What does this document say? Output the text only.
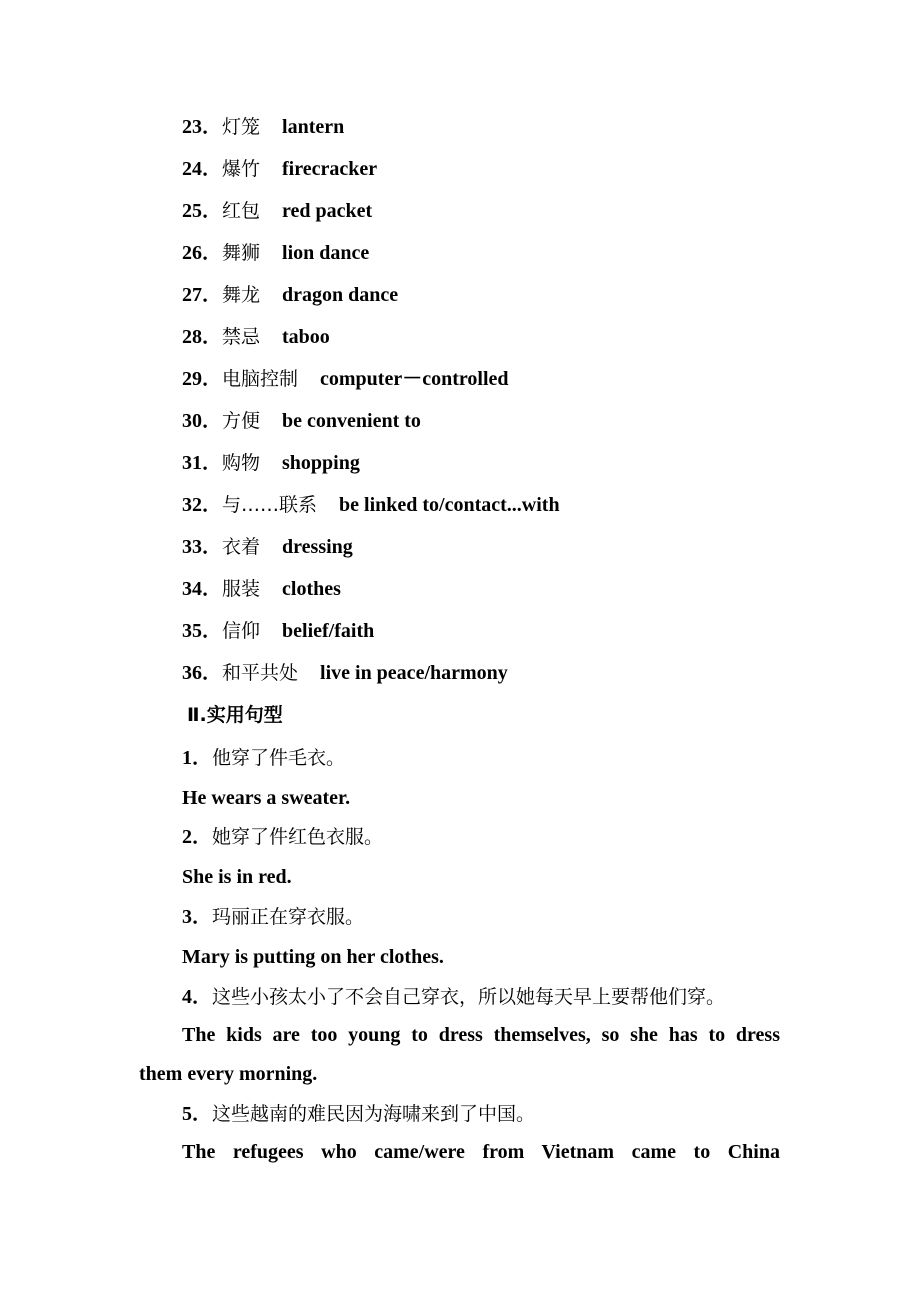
23．灯笼 lantern
24．爆竹 firecracker
25．红包 red packet
26．舞狮 lion dance
27．舞龙 dragon dance
28．禁忌 taboo
29．电脑控制 computer－controlled
30．方便 be convenient to
31．购物 shopping
32．与……联系 be linked to/contact...with
33．衣着 dressing
34．服装 clothes
35．信仰 belief/faith
36．和平共处 live in peace/harmony
Ⅱ.实用句型
1．他穿了件毛衣。
He wears a sweater.
2．她穿了件红色衣服。
She is in red.
3．玛丽正在穿衣服。
Mary is putting on her clothes.
4．这些小孩太小了不会自己穿衣，所以她每天早上要帮他们穿。
The kids are too young to dress themselves, so she has to dress
them every morning.
5．这些越南的难民因为海啸来到了中国。
The refugees who came/were from Vietnam came to China
